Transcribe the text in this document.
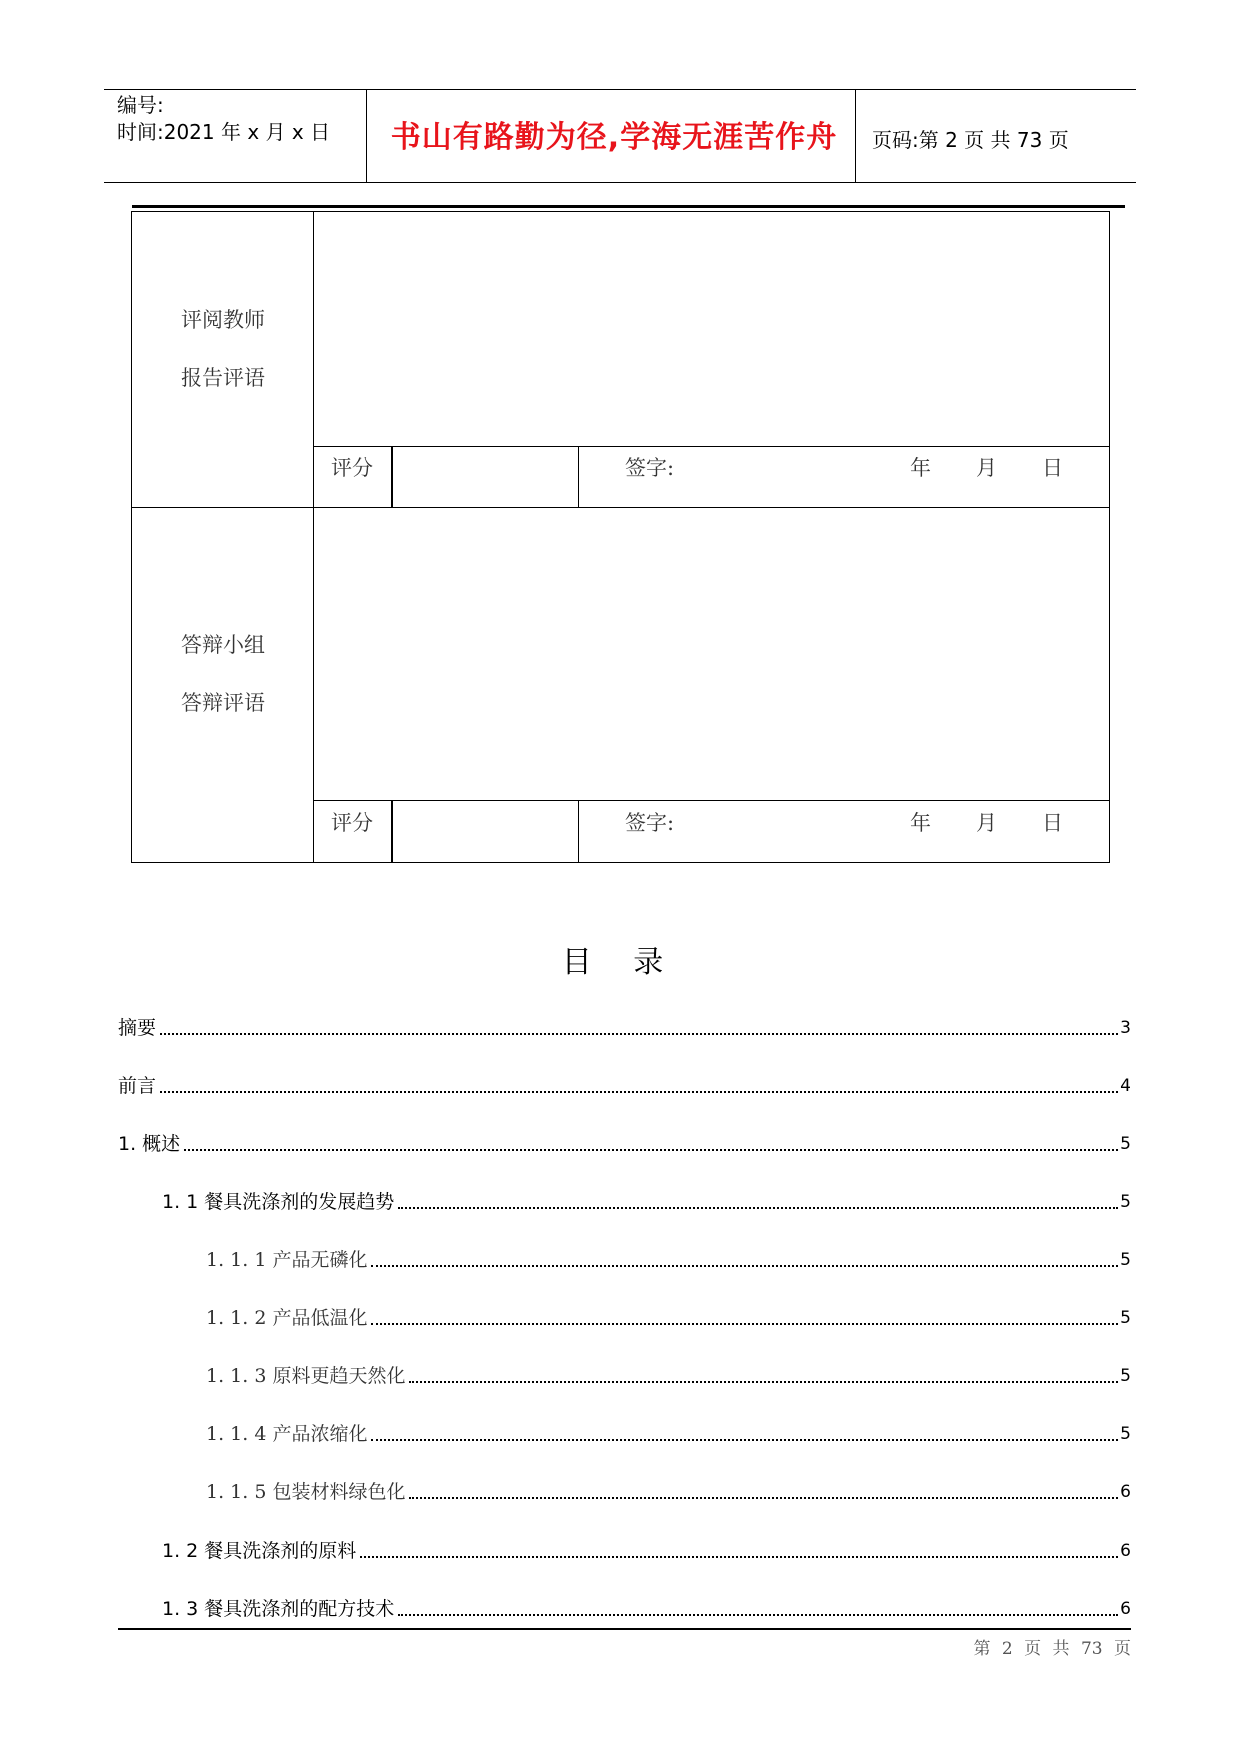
编号:
时间:2021 年 x 月 x 日	书山有路勤为径,学海无涯苦作舟	页码:第 2 页 共 73 页
评阅教师
报告评语
评分	签字:	年 月 日
答辩小组
答辩评语
评分	签字:	年 月 日
目 录
摘要	3
前言	4
1. 概述	5
1. 1 餐具洗涤剂的发展趋势	5
1. 1. 1 产品无磷化	5
1. 1. 2 产品低温化	5
1. 1. 3 原料更趋天然化	5
1. 1. 4 产品浓缩化	5
1. 1. 5 包装材料绿色化	6
1. 2 餐具洗涤剂的原料	6
1. 3 餐具洗涤剂的配方技术	6
第 2 页 共 73 页
